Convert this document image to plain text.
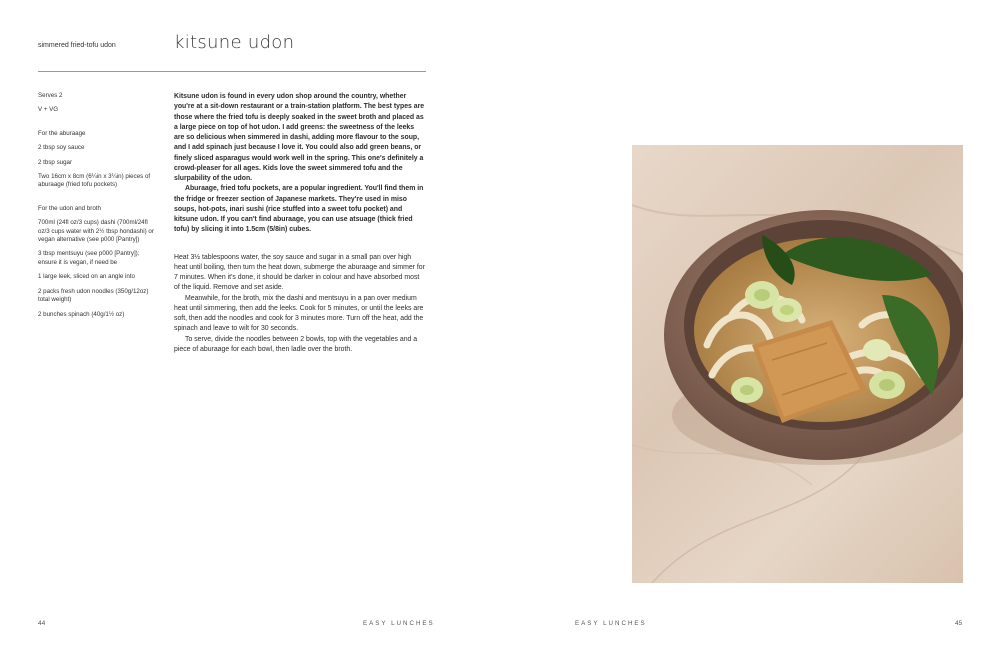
simmered fried-tofu udon	kitsune udon

Serves 2

V + VG

For the aburaage

2 tbsp soy sauce

2 tbsp sugar

Two 16cm x 8cm (6¼in x 3¼in) pieces of aburaage (fried tofu pockets)

For the udon and broth

700ml (24fl oz/3 cups) dashi (700ml/24fl oz/3 cups water with 2½ tbsp hondashi) or vegan alternative (see p000 [Pantry])

3 tbsp mentsuyu (see p000 [Pantry]); ensure it is vegan, if need be

1 large leek, sliced on an angle into

2 packs fresh udon noodles (350g/12oz) total weight)

2 bunches spinach (40g/1½ oz)

Kitsune udon is found in every udon shop around the country, whether you're at a sit-down restaurant or a train-station platform. The best types are those where the fried tofu is deeply soaked in the sweet broth and placed as a large piece on top of hot udon. I add greens: the sweetness of the leeks are so delicious when simmered in dashi, adding more flavour to the soup, and I add spinach just because I love it. You could also add green beans, or finely sliced asparagus would work well in the spring. This one's definitely a crowd-pleaser for all ages. Kids love the sweet simmered tofu and the slurpability of the udon.

Aburaage, fried tofu pockets, are a popular ingredient. You'll find them in the fridge or freezer section of Japanese markets. They're used in miso soups, hot-pots, inari sushi (rice stuffed into a sweet tofu pocket) and kitsune udon. If you can't find aburaage, you can use atsuage (thick fried tofu) by slicing it into 1.5cm (5/8in) cubes.

Heat 3½ tablespoons water, the soy sauce and sugar in a small pan over high heat until boiling, then turn the heat down, submerge the aburaage and simmer for 7 minutes. When it's done, it should be darker in colour and have absorbed most of the liquid. Remove and set aside.

Meanwhile, for the broth, mix the dashi and mentsuyu in a pan over medium heat until simmering, then add the leeks. Cook for 5 minutes, or until the leeks are soft, then add the noodles and cook for 3 minutes more. Turn off the heat, add the spinach and leave to wilt for 30 seconds.

To serve, divide the noodles between 2 bowls, top with the vegetables and a piece of aburaage for each bowl, then ladle over the broth.

44	EASY LUNCHES	EASY LUNCHES	45
